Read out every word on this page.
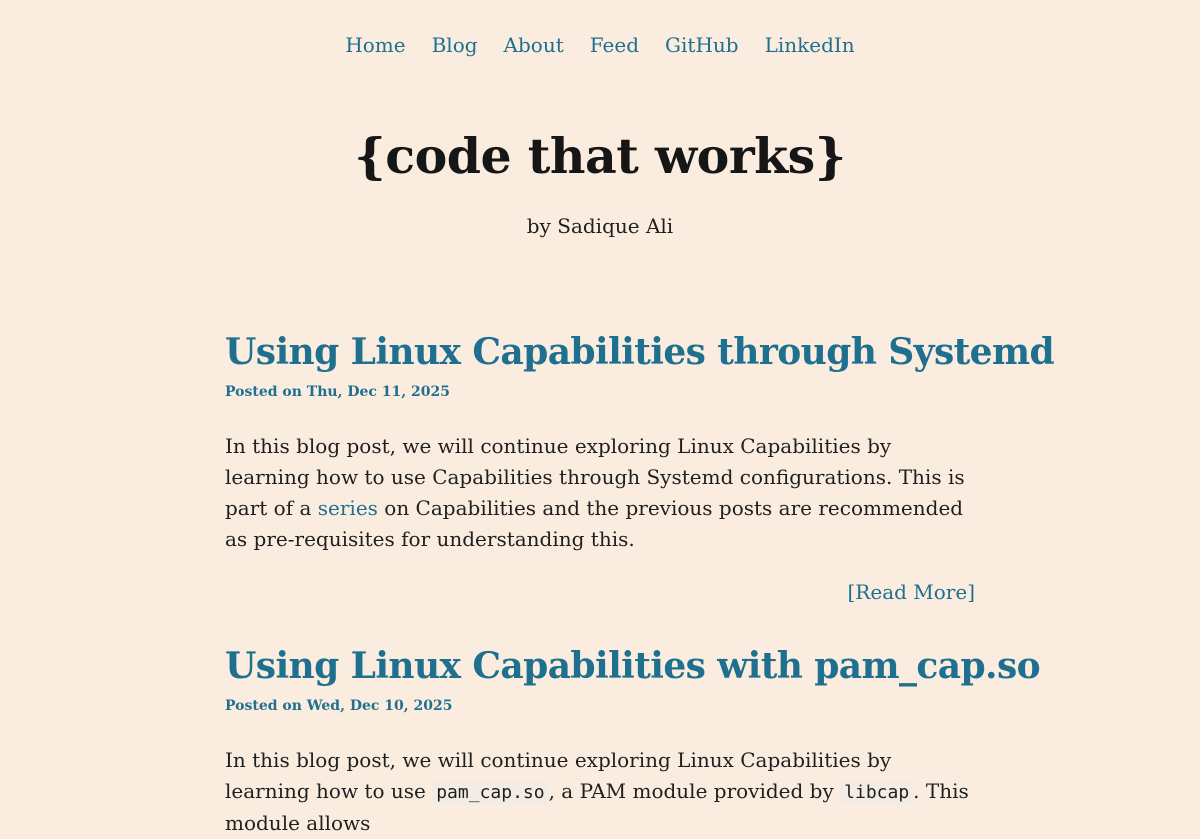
Home Blog About Feed GitHub LinkedIn
{code that works}
by Sadique Ali
Using Linux Capabilities through Systemd
Posted on Thu, Dec 11, 2025

In this blog post, we will continue exploring Linux Capabilities by learning how to use Capabilities through Systemd configurations. This is part of a series on Capabilities and the previous posts are recommended as pre-requisites for understanding this.

[Read More]
Using Linux Capabilities with pam_cap.so
Posted on Wed, Dec 10, 2025

In this blog post, we will continue exploring Linux Capabilities by learning how to use pam_cap.so , a PAM module provided by libcap . This module allows
